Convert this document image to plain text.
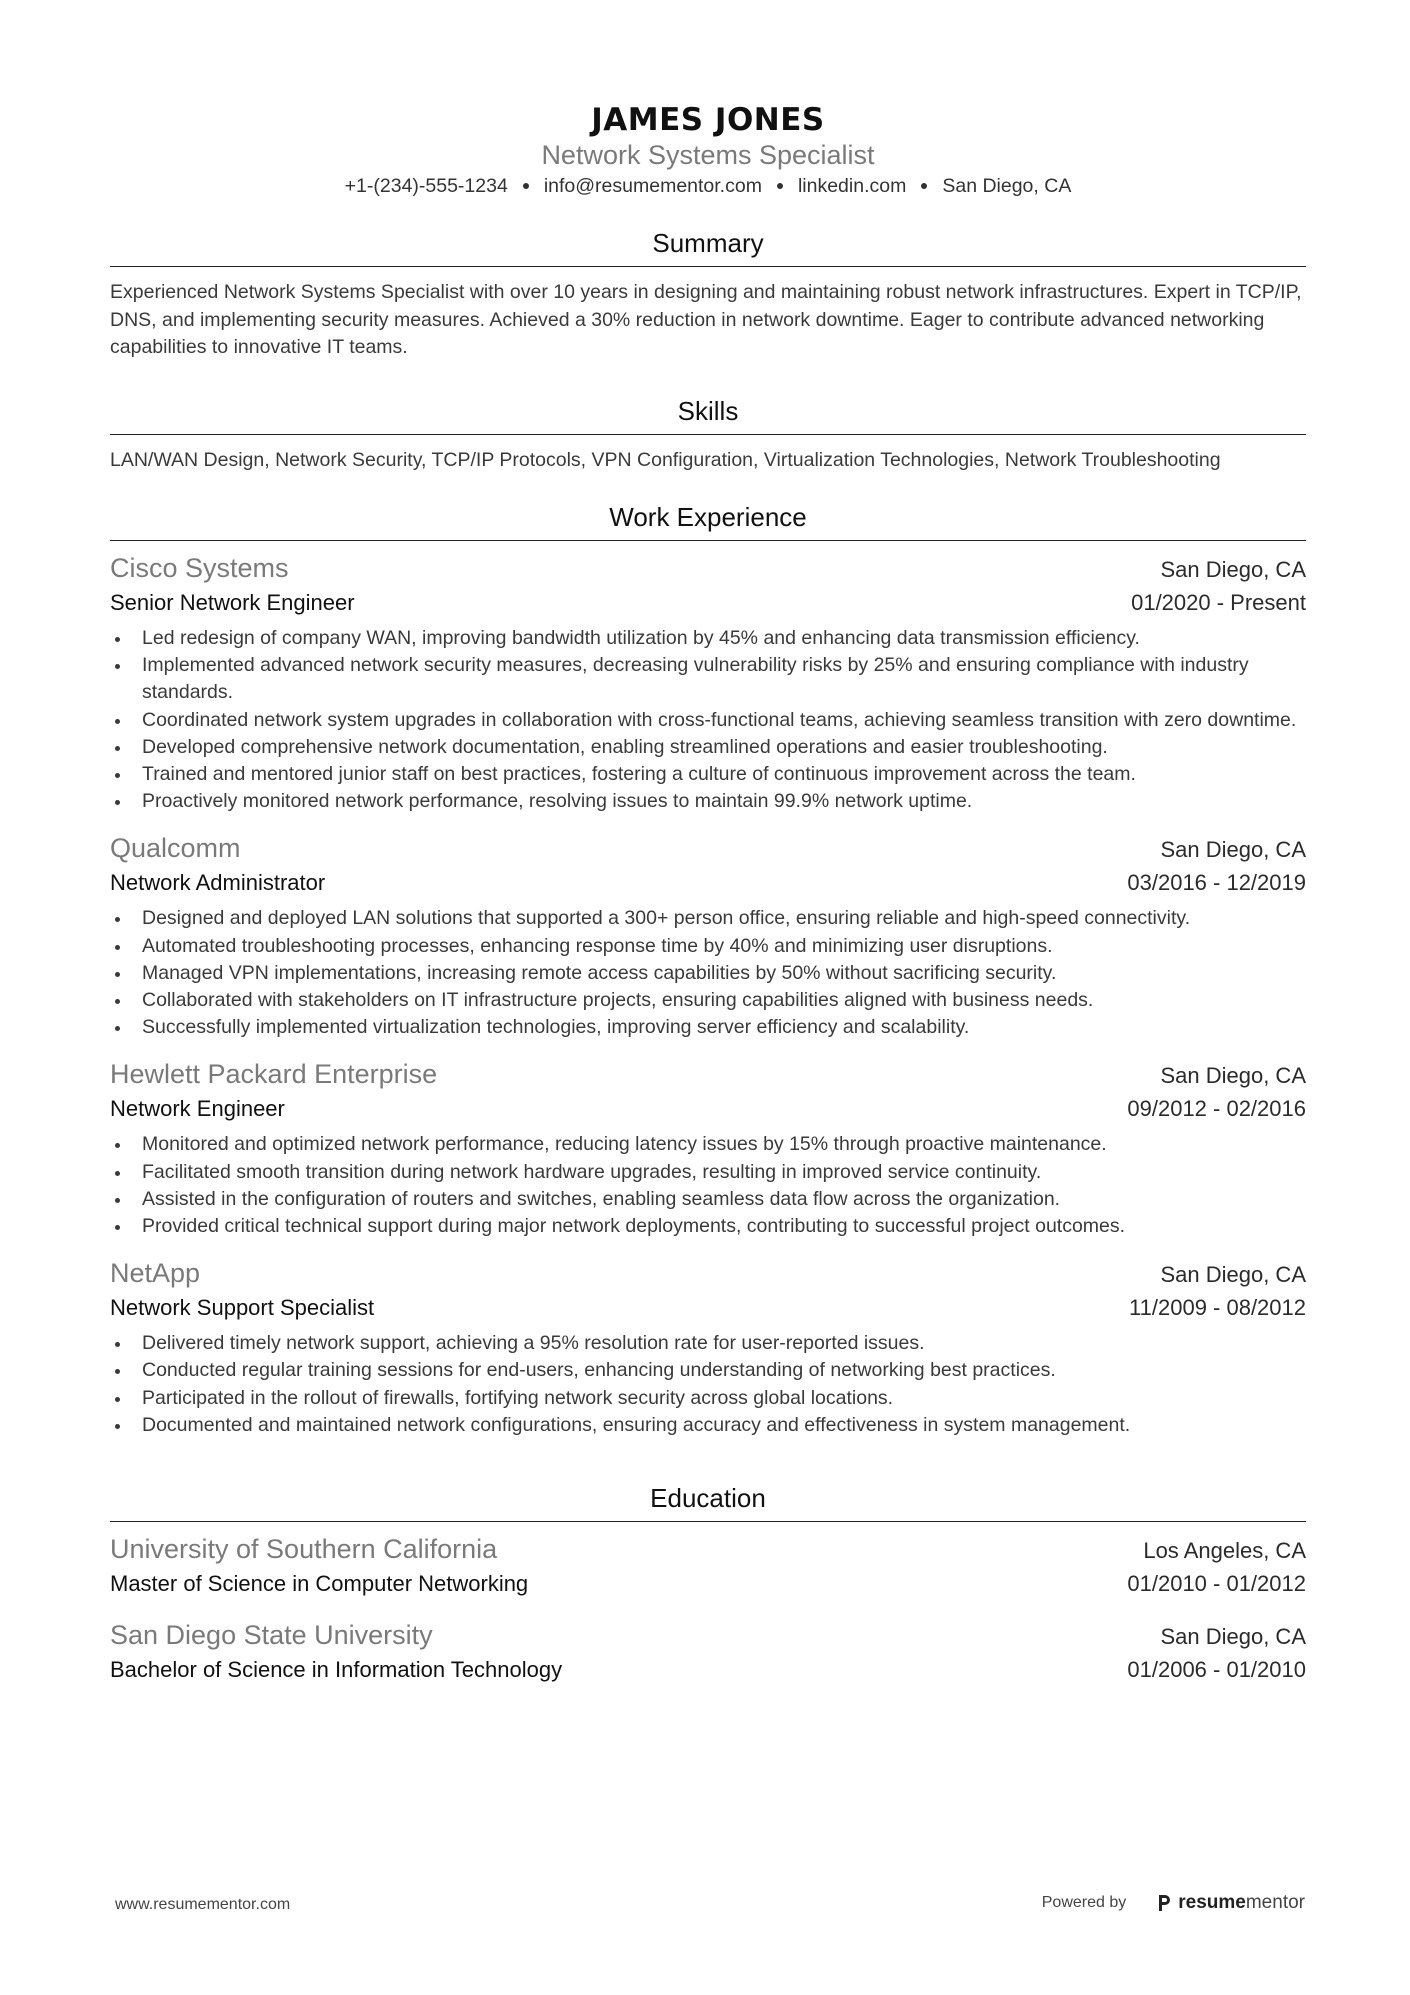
JAMES JONES
Network Systems Specialist
+1-(234)-555-1234 info@resumementor.com linkedin.com San Diego, CA
Summary
Experienced Network Systems Specialist with over 10 years in designing and maintaining robust network infrastructures. Expert in TCP/IP, DNS, and implementing security measures. Achieved a 30% reduction in network downtime. Eager to contribute advanced networking capabilities to innovative IT teams.
Skills
LAN/WAN Design, Network Security, TCP/IP Protocols, VPN Configuration, Virtualization Technologies, Network Troubleshooting
Work Experience
Cisco Systems	San Diego, CA
Senior Network Engineer	01/2020 - Present
Led redesign of company WAN, improving bandwidth utilization by 45% and enhancing data transmission efficiency.
Implemented advanced network security measures, decreasing vulnerability risks by 25% and ensuring compliance with industry standards.
Coordinated network system upgrades in collaboration with cross-functional teams, achieving seamless transition with zero downtime.
Developed comprehensive network documentation, enabling streamlined operations and easier troubleshooting.
Trained and mentored junior staff on best practices, fostering a culture of continuous improvement across the team.
Proactively monitored network performance, resolving issues to maintain 99.9% network uptime.
Qualcomm	San Diego, CA
Network Administrator	03/2016 - 12/2019
Designed and deployed LAN solutions that supported a 300+ person office, ensuring reliable and high-speed connectivity.
Automated troubleshooting processes, enhancing response time by 40% and minimizing user disruptions.
Managed VPN implementations, increasing remote access capabilities by 50% without sacrificing security.
Collaborated with stakeholders on IT infrastructure projects, ensuring capabilities aligned with business needs.
Successfully implemented virtualization technologies, improving server efficiency and scalability.
Hewlett Packard Enterprise	San Diego, CA
Network Engineer	09/2012 - 02/2016
Monitored and optimized network performance, reducing latency issues by 15% through proactive maintenance.
Facilitated smooth transition during network hardware upgrades, resulting in improved service continuity.
Assisted in the configuration of routers and switches, enabling seamless data flow across the organization.
Provided critical technical support during major network deployments, contributing to successful project outcomes.
NetApp	San Diego, CA
Network Support Specialist	11/2009 - 08/2012
Delivered timely network support, achieving a 95% resolution rate for user-reported issues.
Conducted regular training sessions for end-users, enhancing understanding of networking best practices.
Participated in the rollout of firewalls, fortifying network security across global locations.
Documented and maintained network configurations, ensuring accuracy and effectiveness in system management.
Education
University of Southern California	Los Angeles, CA
Master of Science in Computer Networking	01/2010 - 01/2012
San Diego State University	San Diego, CA
Bachelor of Science in Information Technology	01/2006 - 01/2010
www.resumementor.com	Powered by	resume mentor
